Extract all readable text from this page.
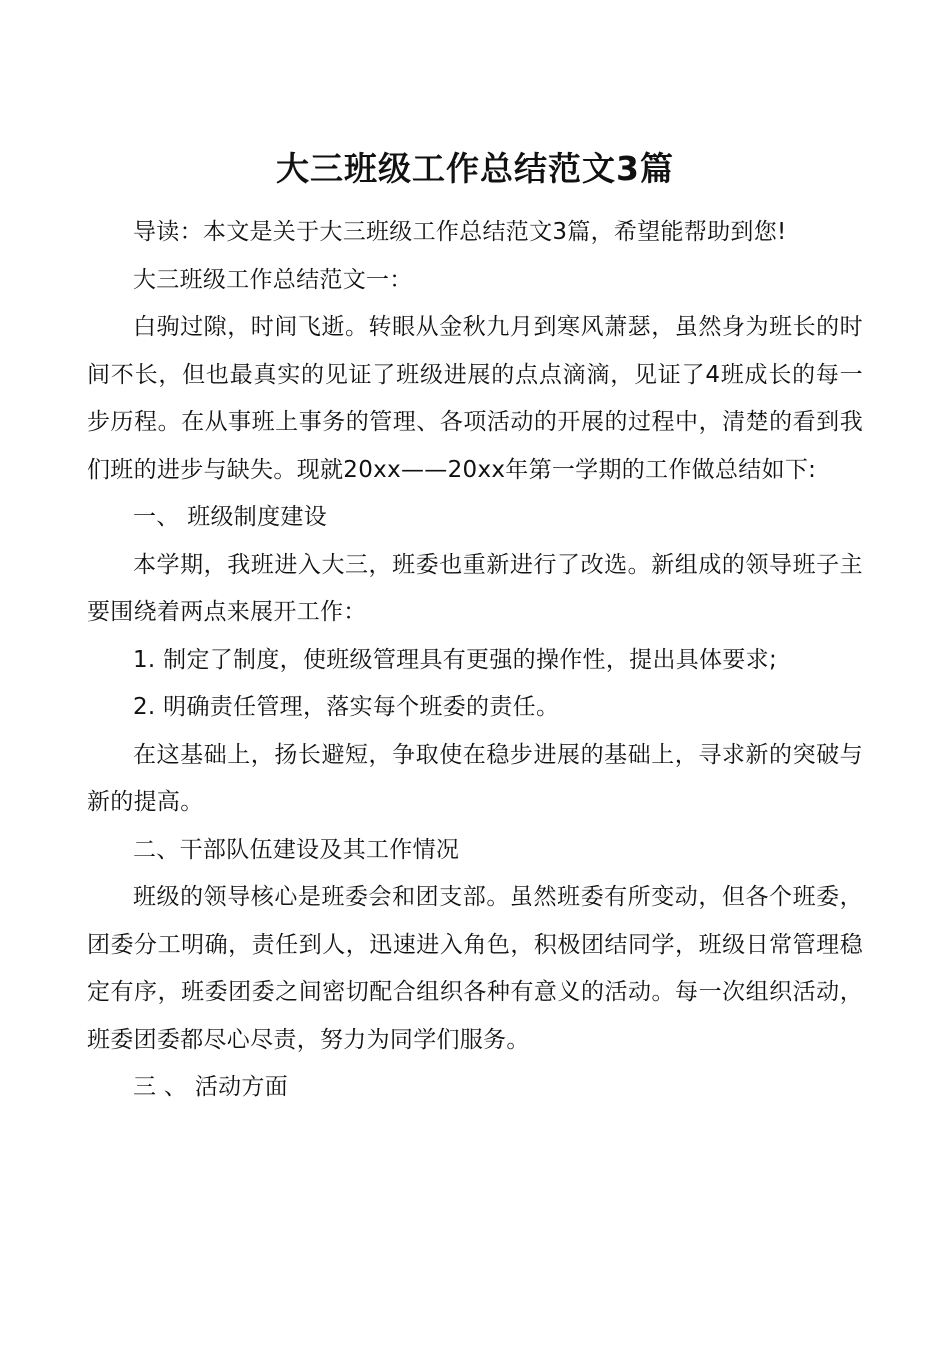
大三班级工作总结范文3篇

导读：本文是关于大三班级工作总结范文3篇，希望能帮助到您!

大三班级工作总结范文一：

白驹过隙，时间飞逝。转眼从金秋九月到寒风萧瑟，虽然身为班长的时间不长，但也最真实的见证了班级进展的点点滴滴，见证了4班成长的每一步历程。在从事班上事务的管理、各项活动的开展的过程中，清楚的看到我们班的进步与缺失。现就20xx——20xx年第一学期的工作做总结如下:

一、 班级制度建设

本学期，我班进入大三，班委也重新进行了改选。新组成的领导班子主要围绕着两点来展开工作：

1. 制定了制度，使班级管理具有更强的操作性，提出具体要求;

2. 明确责任管理，落实每个班委的责任。

在这基础上，扬长避短，争取使在稳步进展的基础上，寻求新的突破与新的提高。

二、干部队伍建设及其工作情况

班级的领导核心是班委会和团支部。虽然班委有所变动，但各个班委，团委分工明确，责任到人，迅速进入角色，积极团结同学，班级日常管理稳定有序，班委团委之间密切配合组织各种有意义的活动。每一次组织活动，班委团委都尽心尽责，努力为同学们服务。

三 、 活动方面
